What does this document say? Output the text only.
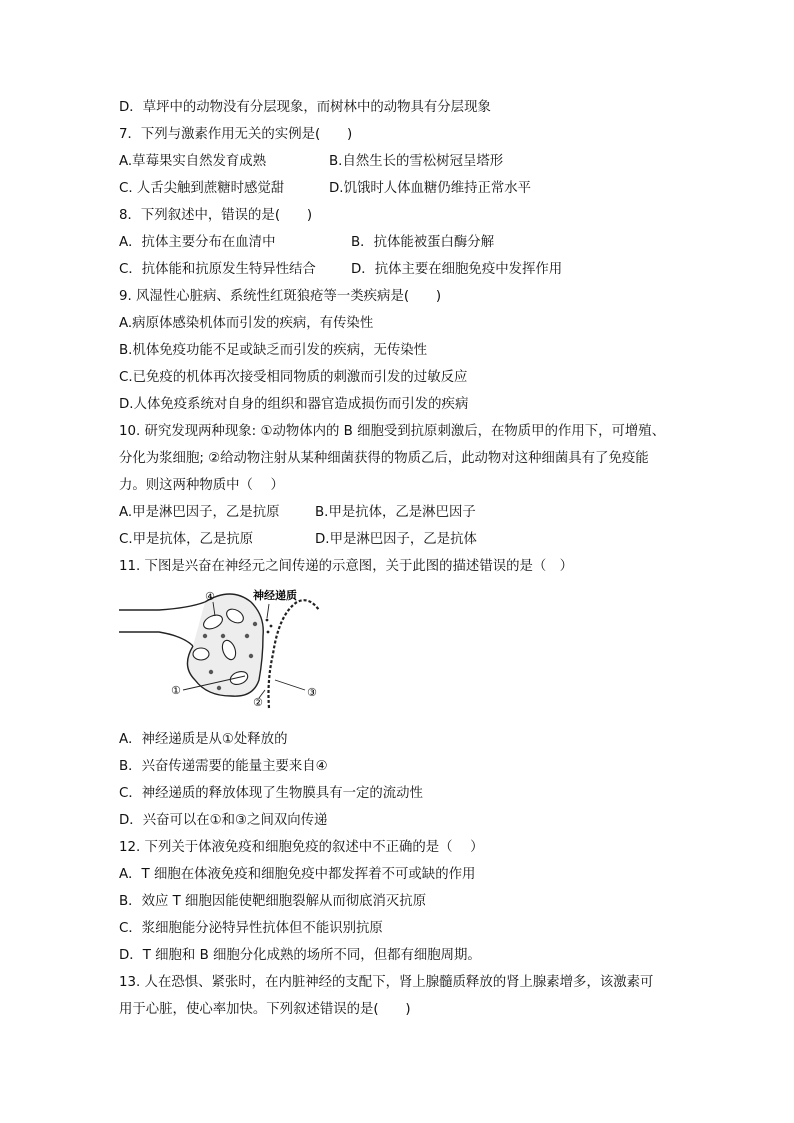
D．草坪中的动物没有分层现象，而树林中的动物具有分层现象
7．下列与激素作用无关的实例是(　　)
A.草莓果实自然发育成熟	B.自然生长的雪松树冠呈塔形
C. 人舌尖触到蔗糖时感觉甜	D.饥饿时人体血糖仍维持正常水平
8．下列叙述中，错误的是(　　)
A．抗体主要分布在血清中	B．抗体能被蛋白酶分解
C．抗体能和抗原发生特异性结合	D．抗体主要在细胞免疫中发挥作用
9. 风湿性心脏病、系统性红斑狼疮等一类疾病是(　　)
A.病原体感染机体而引发的疾病，有传染性
B.机体免疫功能不足或缺乏而引发的疾病，无传染性
C.已免疫的机体再次接受相同物质的刺激而引发的过敏反应
D.人体免疫系统对自身的组织和器官造成损伤而引发的疾病
10. 研究发现两种现象: ①动物体内的 B 细胞受到抗原刺激后，在物质甲的作用下，可增殖、
分化为浆细胞; ②给动物注射从某种细菌获得的物质乙后，此动物对这种细菌具有了免疫能
力。则这两种物质中（　 ）
A.甲是淋巴因子，乙是抗原	B.甲是抗体，乙是淋巴因子
C.甲是抗体，乙是抗原	D.甲是淋巴因子，乙是抗体
11. 下图是兴奋在神经元之间传递的示意图，关于此图的描述错误的是（　）
神经递质
④
①
②
③
A．神经递质是从①处释放的
B．兴奋传递需要的能量主要来自④
C．神经递质的释放体现了生物膜具有一定的流动性
D．兴奋可以在①和③之间双向传递
12. 下列关于体液免疫和细胞免疫的叙述中不正确的是（　 ）
A．T 细胞在体液免疫和细胞免疫中都发挥着不可或缺的作用
B．效应 T 细胞因能使靶细胞裂解从而彻底消灭抗原
C．浆细胞能分泌特异性抗体但不能识别抗原
D．T 细胞和 B 细胞分化成熟的场所不同，但都有细胞周期。
13. 人在恐惧、紧张时，在内脏神经的支配下，肾上腺髓质释放的肾上腺素增多，该激素可
用于心脏，使心率加快。下列叙述错误的是(　　)
